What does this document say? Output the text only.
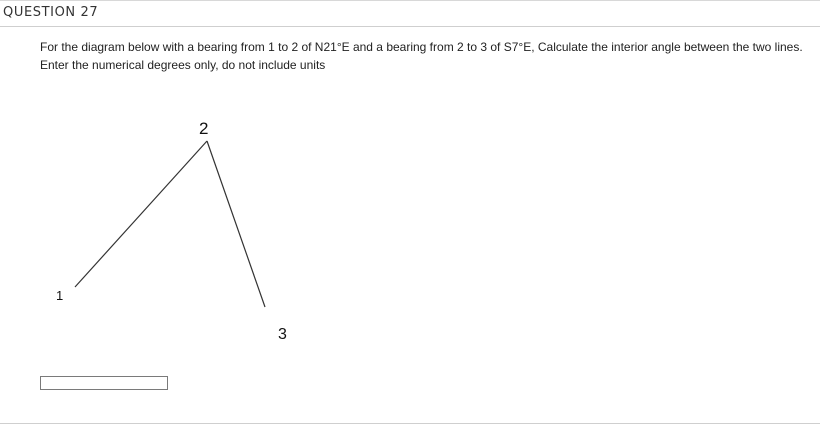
QUESTION 27

For the diagram below with a bearing from 1 to 2 of N21°E and a bearing from 2 to 3 of S7°E, Calculate the interior angle between the two lines.

Enter the numerical degrees only, do not include units

1
2
3
